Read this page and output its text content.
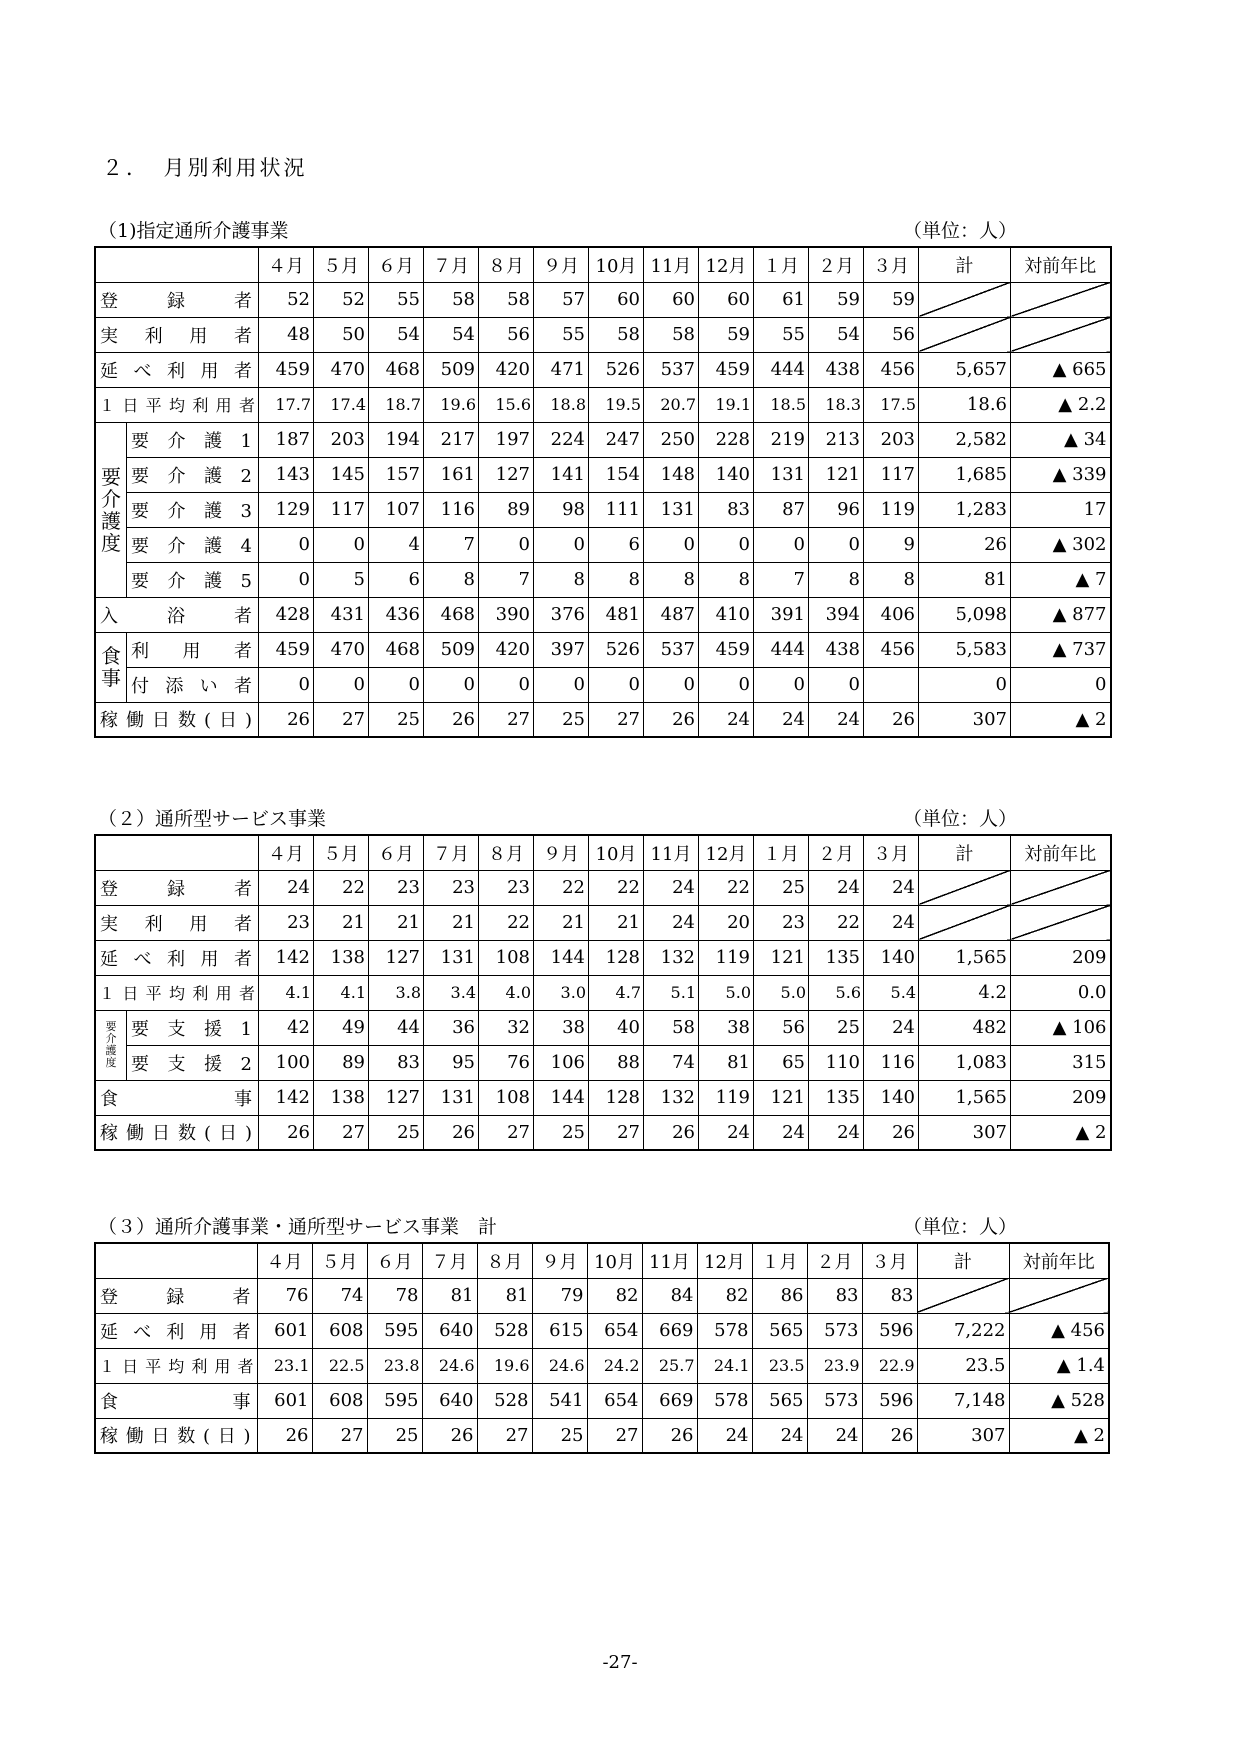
２．　月別利用状況
（1)指定通所介護事業	（単位：人）
		４月	５月	６月	７月	８月	９月	10月	11月	12月	１月	２月	３月	計	対前年比
登 録 者		52	52	55	58	58	57	60	60	60	61	59	59		
実 利 用 者		48	50	54	54	56	55	58	58	59	55	54	56		
延べ利用者		459	470	468	509	420	471	526	537	459	444	438	456	5,657	▲ 665
１日平均利用者		17.7	17.4	18.7	19.6	15.6	18.8	19.5	20.7	19.1	18.5	18.3	17.5	18.6	▲ 2.2
要介護度	要 介 護 1	187	203	194	217	197	224	247	250	228	219	213	203	2,582	▲ 34
	要 介 護 2	143	145	157	161	127	141	154	148	140	131	121	117	1,685	▲ 339
	要 介 護 3	129	117	107	116	89	98	111	131	83	87	96	119	1,283	17
	要 介 護 4	0	0	4	7	0	0	6	0	0	0	0	9	26	▲ 302
	要 介 護 5	0	5	6	8	7	8	8	8	8	7	8	8	81	▲ 7
入 浴 者		428	431	436	468	390	376	481	487	410	391	394	406	5,098	▲ 877
食事	利 用 者	459	470	468	509	420	397	526	537	459	444	438	456	5,583	▲ 737
	付添い者	0	0	0	0	0	0	0	0	0	0	0		0	0
稼働日数(日)		26	27	25	26	27	25	27	26	24	24	24	26	307	▲ 2
（２）通所型サービス事業	（単位：人）
		４月	５月	６月	７月	８月	９月	10月	11月	12月	１月	２月	３月	計	対前年比
登 録 者		24	22	23	23	23	22	22	24	22	25	24	24		
実 利 用 者		23	21	21	21	22	21	21	24	20	23	22	24		
延べ利用者		142	138	127	131	108	144	128	132	119	121	135	140	1,565	209
１日平均利用者		4.1	4.1	3.8	3.4	4.0	3.0	4.7	5.1	5.0	5.0	5.6	5.4	4.2	0.0
要介護度	要 支 援 1	42	49	44	36	32	38	40	58	38	56	25	24	482	▲ 106
	要 支 援 2	100	89	83	95	76	106	88	74	81	65	110	116	1,083	315
食 事		142	138	127	131	108	144	128	132	119	121	135	140	1,565	209
稼働日数(日)		26	27	25	26	27	25	27	26	24	24	24	26	307	▲ 2
（３）通所介護事業・通所型サービス事業　計	（単位：人）
	４月	５月	６月	７月	８月	９月	10月	11月	12月	１月	２月	３月	計	対前年比
登 録 者	76	74	78	81	81	79	82	84	82	86	83	83		
延べ利用者	601	608	595	640	528	615	654	669	578	565	573	596	7,222	▲ 456
１日平均利用者	23.1	22.5	23.8	24.6	19.6	24.6	24.2	25.7	24.1	23.5	23.9	22.9	23.5	▲ 1.4
食 事	601	608	595	640	528	541	654	669	578	565	573	596	7,148	▲ 528
稼働日数(日)	26	27	25	26	27	25	27	26	24	24	24	26	307	▲ 2
-27-
